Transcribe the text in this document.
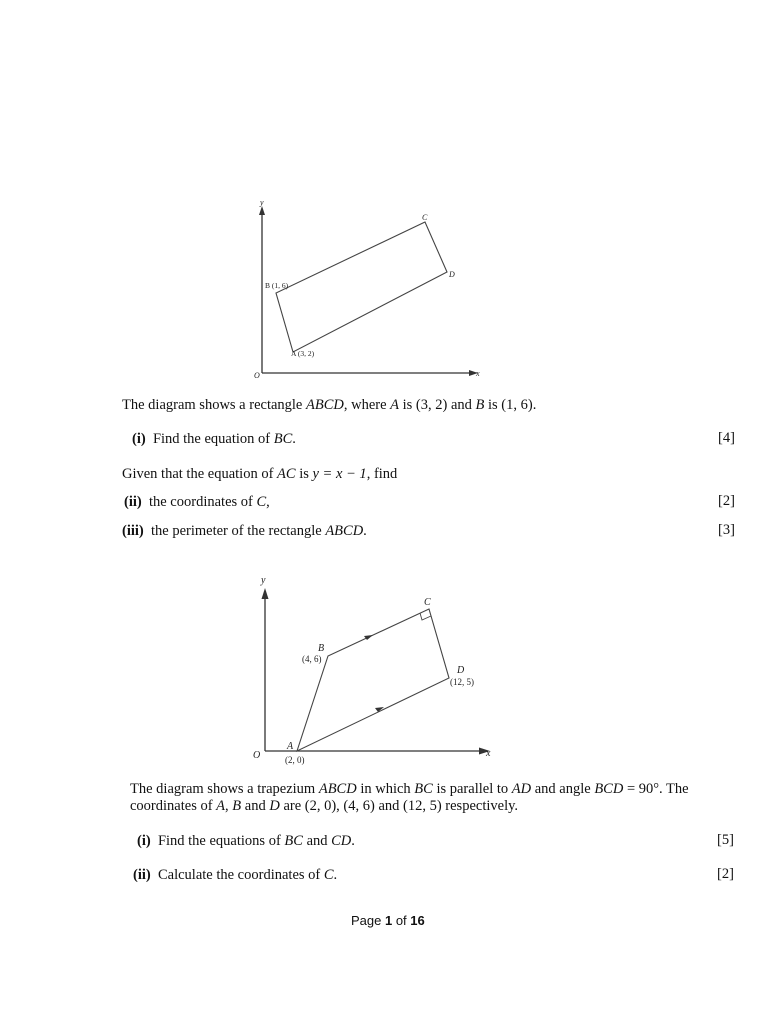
y
x
O
C
D
B (1, 6)
A (3, 2)
The diagram shows a rectangle ABCD, where A is (3, 2) and B is (1, 6).
(i) Find the equation of BC.	[4]
Given that the equation of AC is y = x − 1, find
(ii) the coordinates of C,	[2]
(iii) the perimeter of the rectangle ABCD.	[3]
y
x
O
C
B
(4, 6)
D
(12, 5)
A
(2, 0)
The diagram shows a trapezium ABCD in which BC is parallel to AD and angle BCD = 90°. The
coordinates of A, B and D are (2, 0), (4, 6) and (12, 5) respectively.
(i) Find the equations of BC and CD.	[5]
(ii) Calculate the coordinates of C.	[2]
Page 1 of 16
